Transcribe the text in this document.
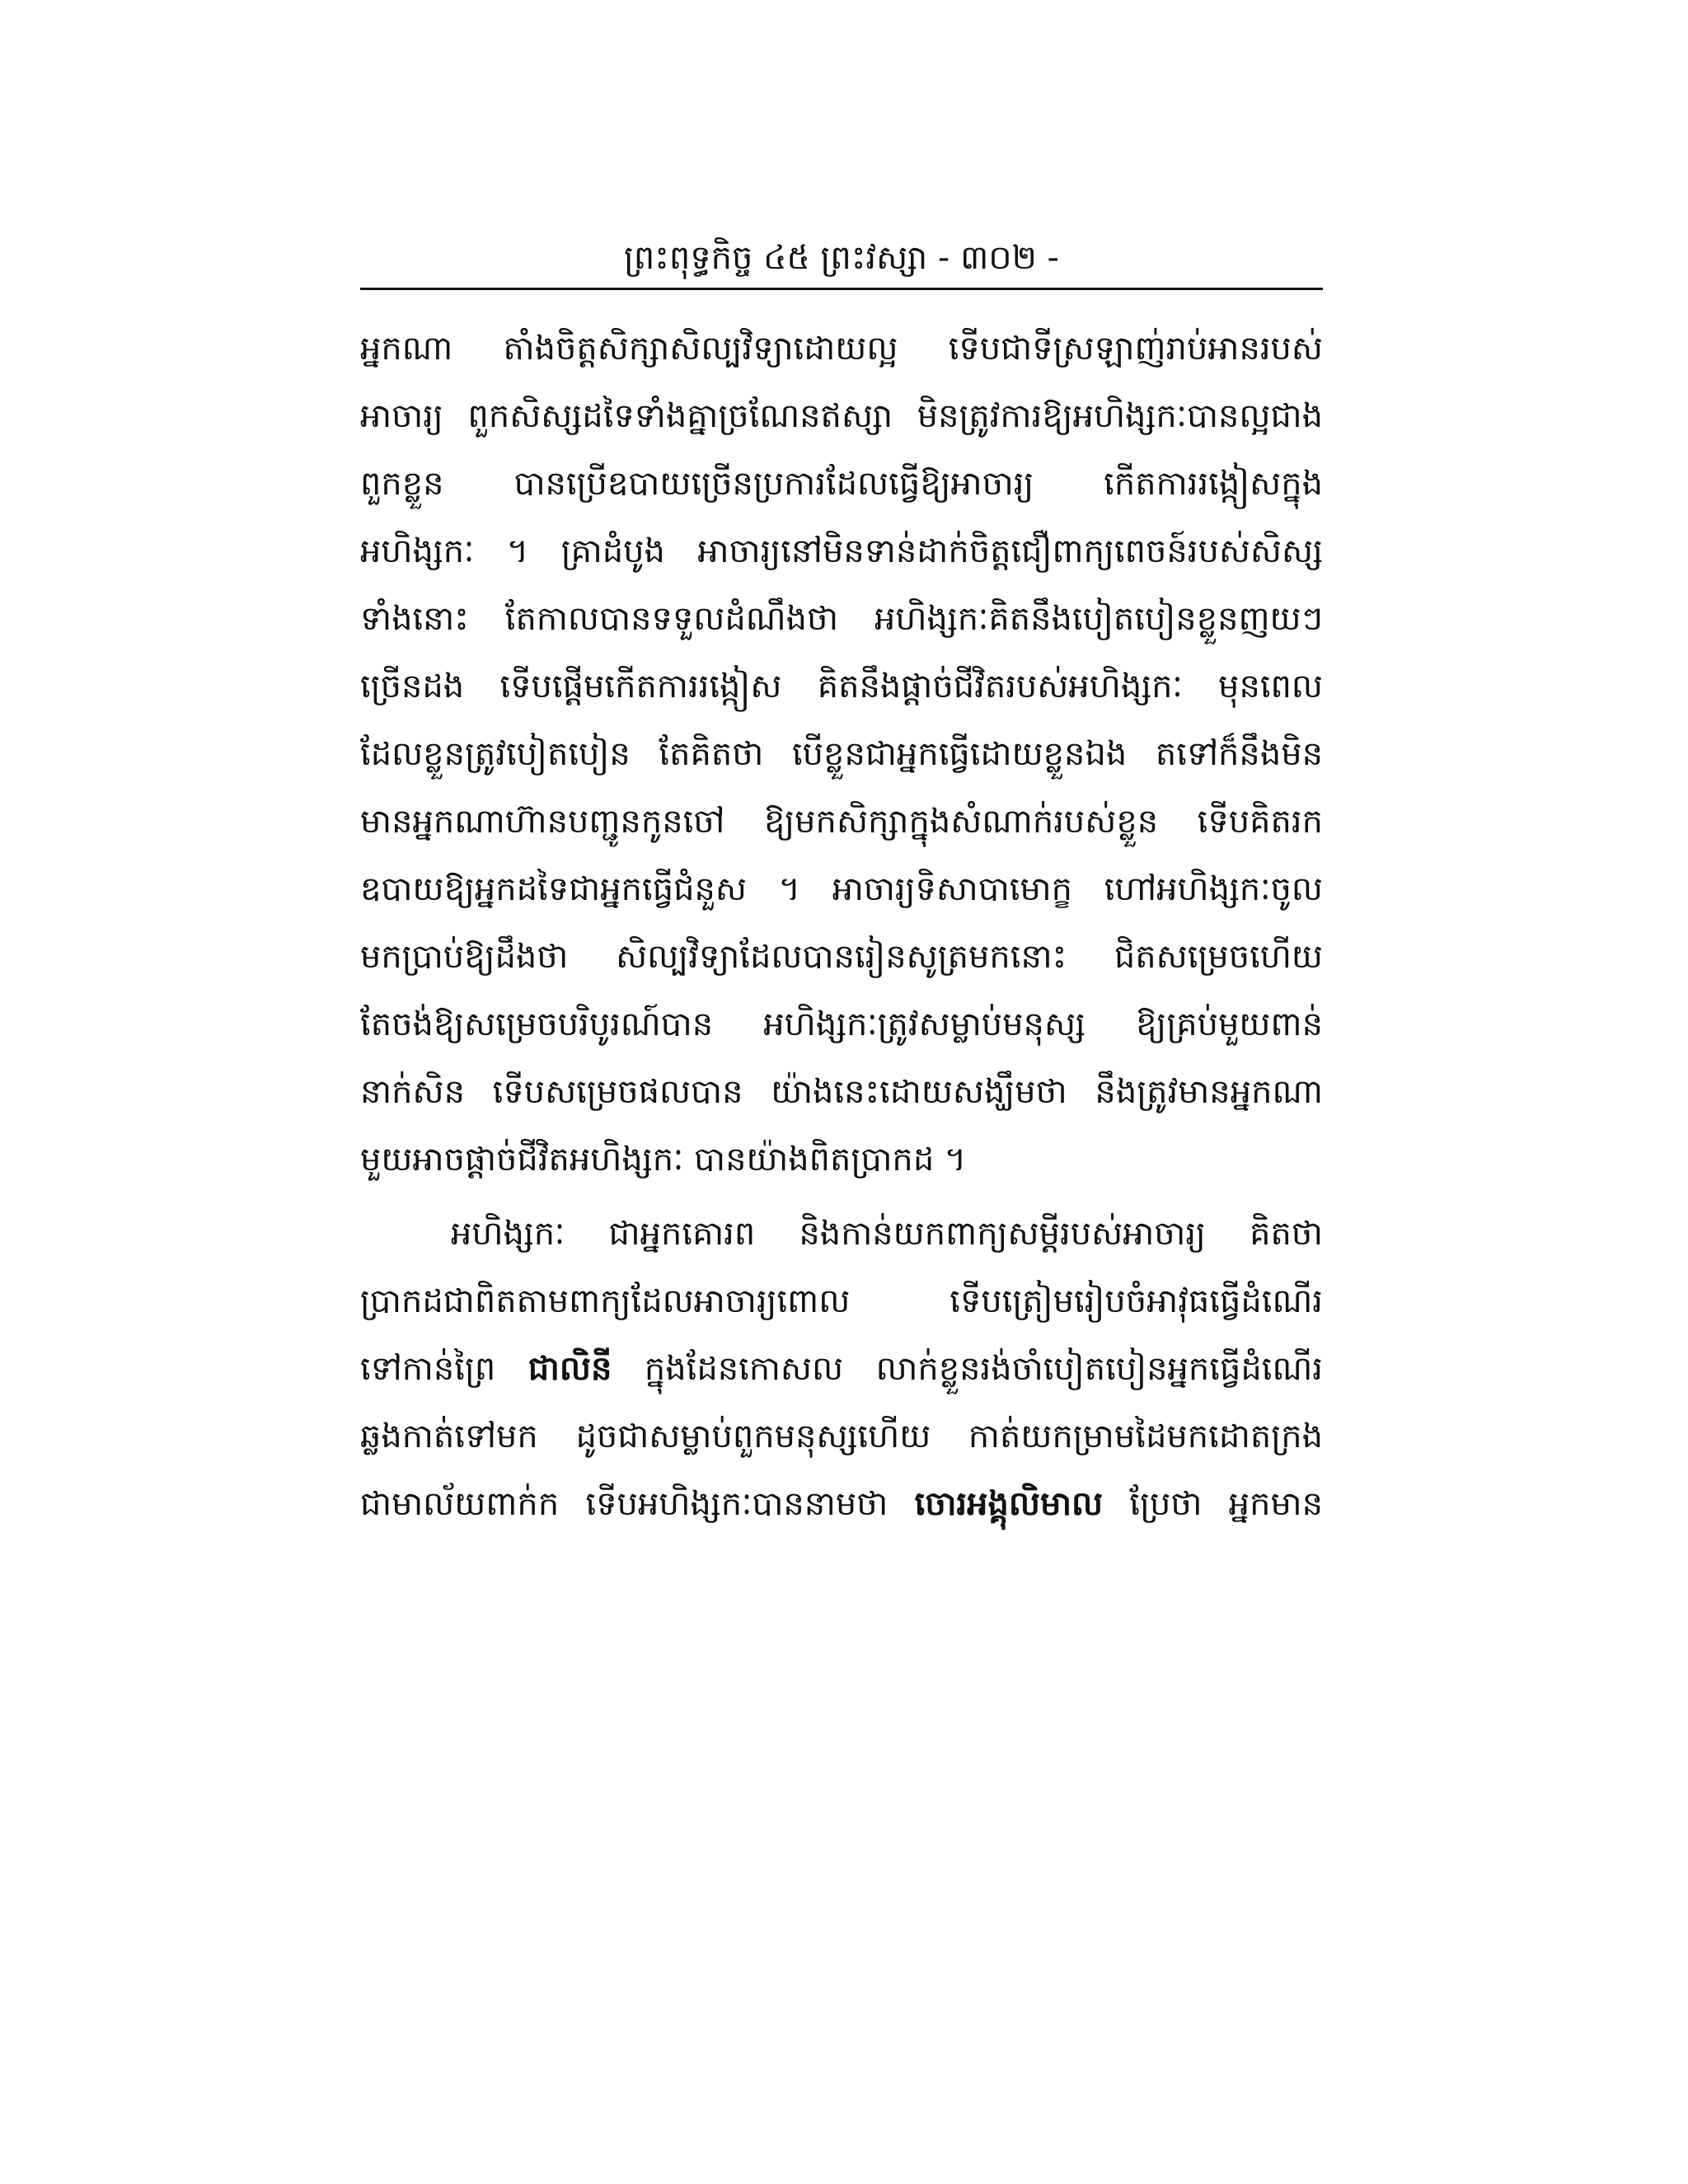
ព្រះពុទ្ធកិច្ច ៤៥ ព្រះវស្សា - ៣០២ -

អ្នកណា តាំងចិត្តសិក្សាសិល្បវិទ្យាដោយល្អ ទើបជាទីស្រឡាញ់រាប់អានរបស់
អាចារ្យ ពួកសិស្សដទៃទាំងគ្នាច្រណែនឥស្សា មិនត្រូវការឱ្យអហិង្សកៈបានល្អជាង
ពួកខ្លួន បានប្រើឧបាយច្រើនប្រការដែលធ្វើឱ្យអាចារ្យ កើតការរង្កៀសក្នុង
អហិង្សកៈ ។ គ្រាដំបូង អាចារ្យនៅមិនទាន់ដាក់ចិត្តជឿពាក្យពេចន៍របស់សិស្ស
ទាំងនោះ តែកាលបានទទួលដំណឹងថា អហិង្សកៈគិតនឹងបៀតបៀនខ្លួនញយៗ
ច្រើនដង ទើបផ្ដើមកើតការរង្កៀស គិតនឹងផ្ដាច់ជីវិតរបស់អហិង្សកៈ មុនពេល
ដែលខ្លួនត្រូវបៀតបៀន តែគិតថា បើខ្លួនជាអ្នកធ្វើដោយខ្លួនឯង តទៅក៏នឹងមិន
មានអ្នកណាហ៊ានបញ្ជូនកូនចៅ ឱ្យមកសិក្សាក្នុងសំណាក់របស់ខ្លួន ទើបគិតរក
ឧបាយឱ្យអ្នកដទៃជាអ្នកធ្វើជំនួស ។ អាចារ្យទិសាបាមោក្ខ ហៅអហិង្សកៈចូល
មកប្រាប់ឱ្យដឹងថា សិល្បវិទ្យាដែលបានរៀនសូត្រមកនោះ ជិតសម្រេចហើយ
តែចង់ឱ្យសម្រេចបរិបូរណ៍បាន អហិង្សកៈត្រូវសម្លាប់មនុស្ស ឱ្យគ្រប់មួយពាន់
នាក់សិន ទើបសម្រេចផលបាន យ៉ាងនេះដោយសង្ឃឹមថា នឹងត្រូវមានអ្នកណា
មួយអាចផ្ដាច់ជីវិតអហិង្សកៈ បានយ៉ាងពិតប្រាកដ ។

អហិង្សកៈ ជាអ្នកគោរព និងកាន់យកពាក្យសម្ដីរបស់អាចារ្យ គិតថា
ប្រាកដជាពិតតាមពាក្យដែលអាចារ្យពោល ទើបត្រៀមរៀបចំអាវុធធ្វើដំណើរ
ទៅកាន់ព្រៃ ជាលិនី ក្នុងដែនកោសល លាក់ខ្លួនរង់ចាំបៀតបៀនអ្នកធ្វើដំណើរ
ឆ្លងកាត់ទៅមក ដូចជាសម្លាប់ពួកមនុស្សហើយ កាត់យកម្រាមដៃមកដោតក្រង
ជាមាល័យពាក់ក ទើបអហិង្សកៈបាននាមថា ចោរអង្គុលិមាល ប្រែថា អ្នកមាន
